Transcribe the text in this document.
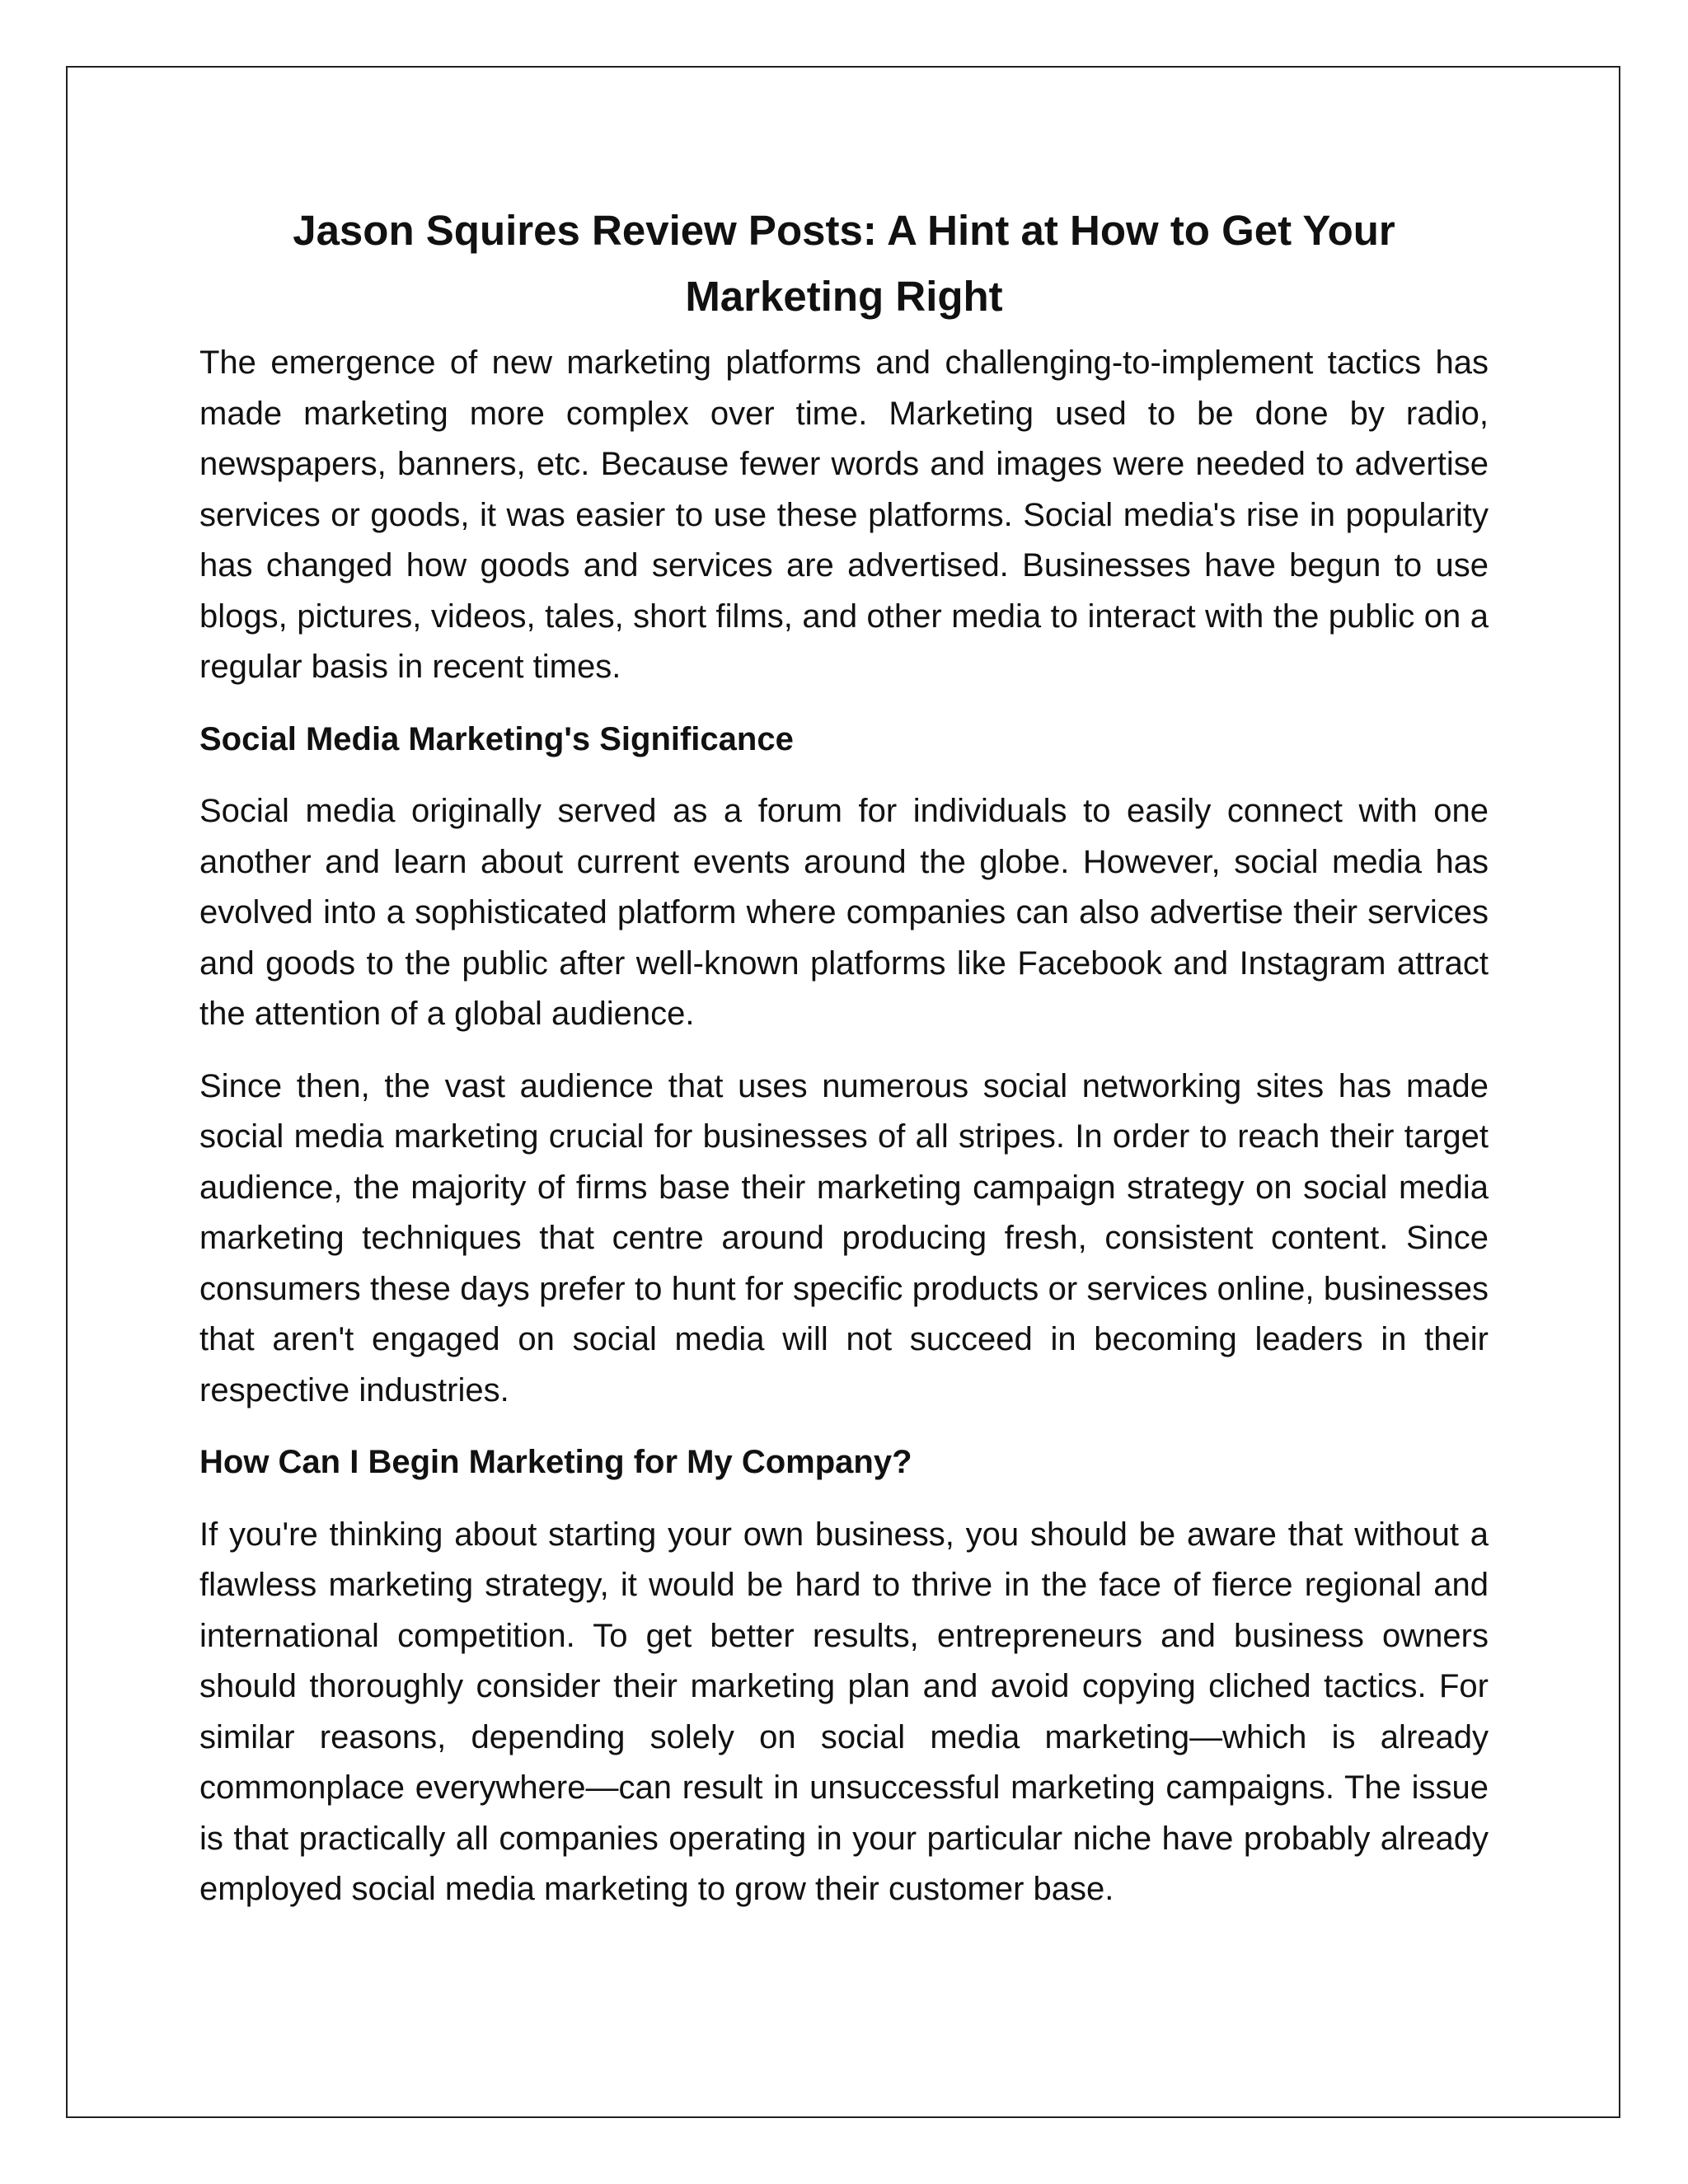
Jason Squires Review Posts: A Hint at How to Get Your Marketing Right

The emergence of new marketing platforms and challenging-to-implement tactics has made marketing more complex over time. Marketing used to be done by radio, newspapers, banners, etc. Because fewer words and images were needed to advertise services or goods, it was easier to use these platforms. Social media's rise in popularity has changed how goods and services are advertised. Businesses have begun to use blogs, pictures, videos, tales, short films, and other media to interact with the public on a regular basis in recent times.

Social Media Marketing's Significance

Social media originally served as a forum for individuals to easily connect with one another and learn about current events around the globe. However, social media has evolved into a sophisticated platform where companies can also advertise their services and goods to the public after well-known platforms like Facebook and Instagram attract the attention of a global audience.

Since then, the vast audience that uses numerous social networking sites has made social media marketing crucial for businesses of all stripes. In order to reach their target audience, the majority of firms base their marketing campaign strategy on social media marketing techniques that centre around producing fresh, consistent content. Since consumers these days prefer to hunt for specific products or services online, businesses that aren't engaged on social media will not succeed in becoming leaders in their respective industries.

How Can I Begin Marketing for My Company?

If you're thinking about starting your own business, you should be aware that without a flawless marketing strategy, it would be hard to thrive in the face of fierce regional and international competition. To get better results, entrepreneurs and business owners should thoroughly consider their marketing plan and avoid copying cliched tactics. For similar reasons, depending solely on social media marketing—which is already commonplace everywhere—can result in unsuccessful marketing campaigns. The issue is that practically all companies operating in your particular niche have probably already employed social media marketing to grow their customer base.
